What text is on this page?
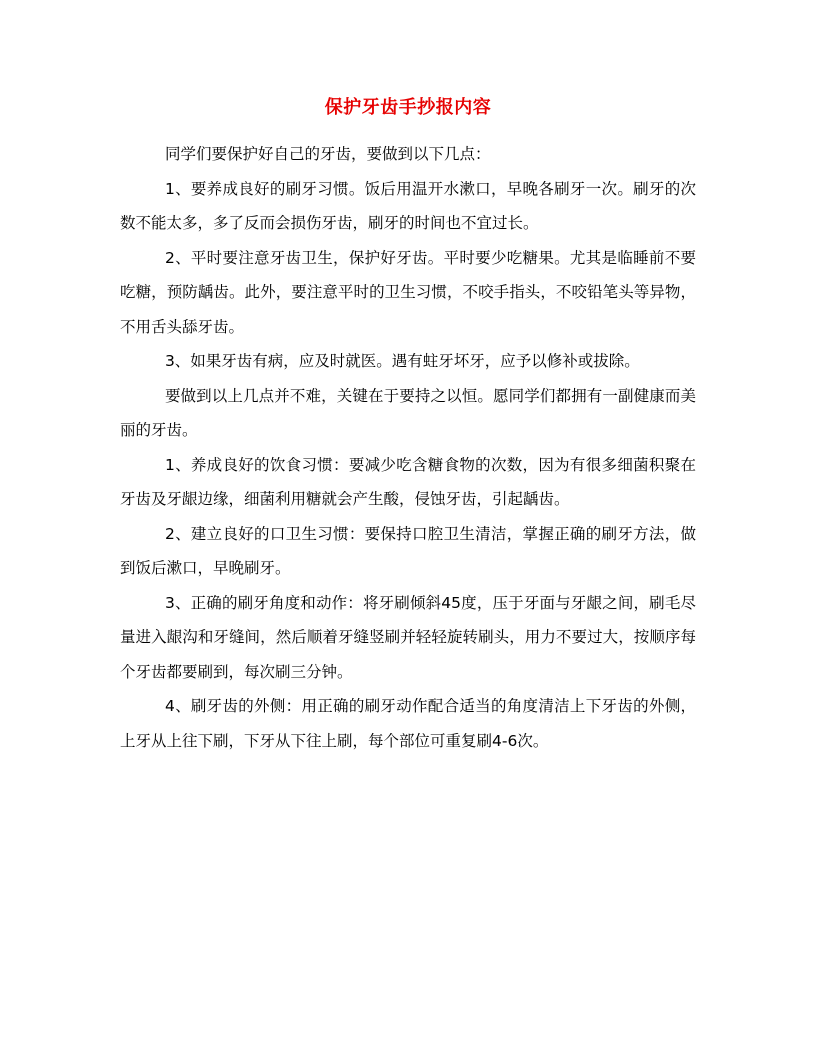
保护牙齿手抄报内容

同学们要保护好自己的牙齿，要做到以下几点：

1、要养成良好的刷牙习惯。饭后用温开水漱口，早晚各刷牙一次。刷牙的次数不能太多，多了反而会损伤牙齿，刷牙的时间也不宜过长。

2、平时要注意牙齿卫生，保护好牙齿。平时要少吃糖果。尤其是临睡前不要吃糖，预防龋齿。此外，要注意平时的卫生习惯，不咬手指头，不咬铅笔头等异物，不用舌头舔牙齿。

3、如果牙齿有病，应及时就医。遇有蛀牙坏牙，应予以修补或拔除。

要做到以上几点并不难，关键在于要持之以恒。愿同学们都拥有一副健康而美丽的牙齿。

1、养成良好的饮食习惯：要减少吃含糖食物的次数，因为有很多细菌积聚在牙齿及牙龈边缘，细菌利用糖就会产生酸，侵蚀牙齿，引起龋齿。

2、建立良好的口卫生习惯：要保持口腔卫生清洁，掌握正确的刷牙方法，做到饭后漱口，早晚刷牙。

3、正确的刷牙角度和动作：将牙刷倾斜45度，压于牙面与牙龈之间，刷毛尽量进入龈沟和牙缝间，然后顺着牙缝竖刷并轻轻旋转刷头，用力不要过大，按顺序每个牙齿都要刷到，每次刷三分钟。

4、刷牙齿的外侧：用正确的刷牙动作配合适当的角度清洁上下牙齿的外侧，上牙从上往下刷，下牙从下往上刷，每个部位可重复刷4-6次。
